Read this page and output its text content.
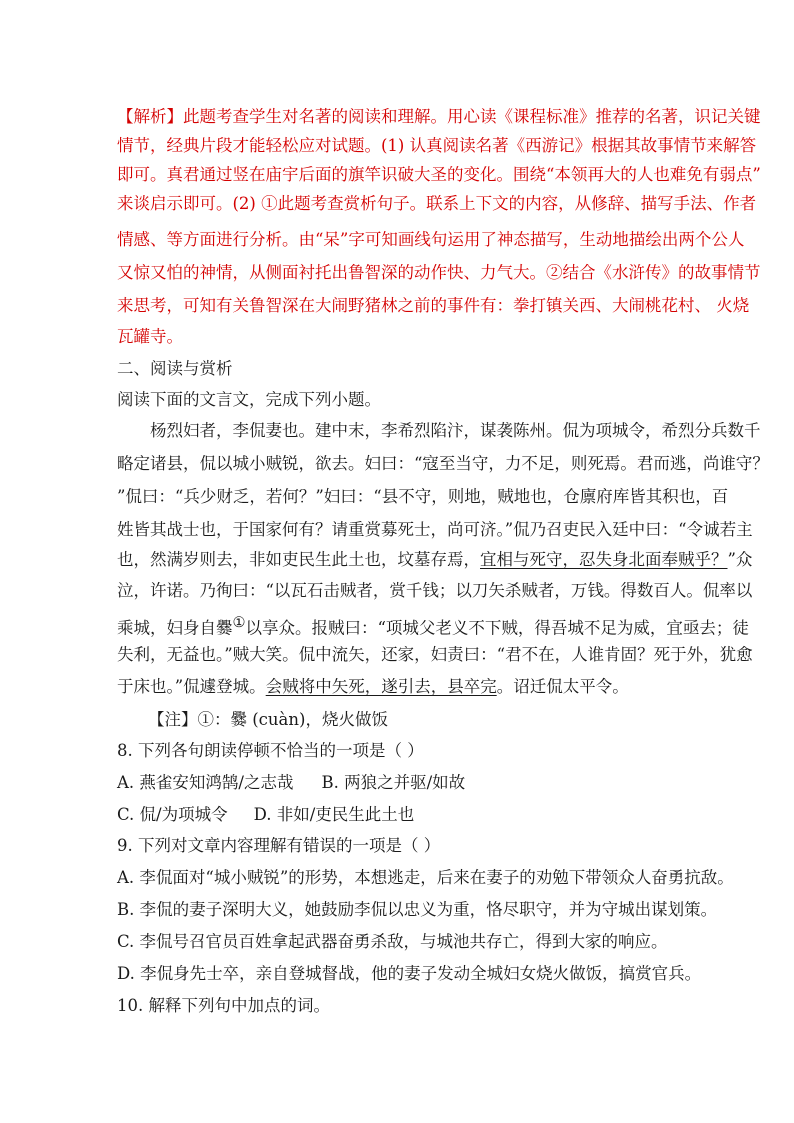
【解析】此题考查学生对名著的阅读和理解。用心读《课程标准》推荐的名著，识记关键
情节，经典片段才能轻松应对试题。(1) 认真阅读名著《西游记》根据其故事情节来解答
即可。真君通过竖在庙宇后面的旗竿识破大圣的变化。围绕“本领再大的人也难免有弱点”
来谈启示即可。(2) ①此题考查赏析句子。联系上下文的内容，从修辞、描写手法、作者
情感、等方面进行分析。由“呆”字可知画线句运用了神态描写，生动地描绘出两个公人
又惊又怕的神情，从侧面衬托出鲁智深的动作快、力气大。②结合《水浒传》的故事情节
来思考，可知有关鲁智深在大闹野猪林之前的事件有：拳打镇关西、大闹桃花村、 火烧
瓦罐寺。
二、阅读与赏析
阅读下面的文言文，完成下列小题。
杨烈妇者，李侃妻也。建中末，李希烈陷汴，谋袭陈州。侃为项城令，希烈分兵数千
略定诸县，侃以城小贼锐，欲去。妇曰：“寇至当守，力不足，则死焉。君而逃，尚谁守？
”侃曰：“兵少财乏，若何？”妇曰：“县不守，则地，贼地也，仓廪府库皆其积也，百
姓皆其战士也，于国家何有？请重赏募死士，尚可济。”侃乃召吏民入廷中曰：“令诚若主
也，然满岁则去，非如吏民生此土也，坟墓存焉，宜相与死守，忍失身北面奉贼乎？”众
泣，许诺。乃徇曰：“以瓦石击贼者，赏千钱；以刀矢杀贼者，万钱。得数百人。侃率以
乘城，妇身自爨①以享众。报贼曰：“项城父老义不下贼，得吾城不足为威，宜亟去；徒
失利，无益也。”贼大笑。侃中流矢，还家，妇责曰：“君不在，人谁肯固？死于外，犹愈
于床也。”侃遽登城。会贼将中矢死，遂引去，县卒完。诏迁侃太平令。
【注】①：爨 (cuàn)，烧火做饭
8. 下列各句朗读停顿不恰当的一项是（ ）
A. 燕雀安知鸿鹄/之志哉 B. 两狼之并驱/如故
C. 侃/为项城令 D. 非如/吏民生此土也
9. 下列对文章内容理解有错误的一项是（ ）
A. 李侃面对“城小贼锐”的形势，本想逃走，后来在妻子的劝勉下带领众人奋勇抗敌。
B. 李侃的妻子深明大义，她鼓励李侃以忠义为重，恪尽职守，并为守城出谋划策。
C. 李侃号召官员百姓拿起武器奋勇杀敌，与城池共存亡，得到大家的响应。
D. 李侃身先士卒，亲自登城督战，他的妻子发动全城妇女烧火做饭，搞赏官兵。
10. 解释下列句中加点的词。
